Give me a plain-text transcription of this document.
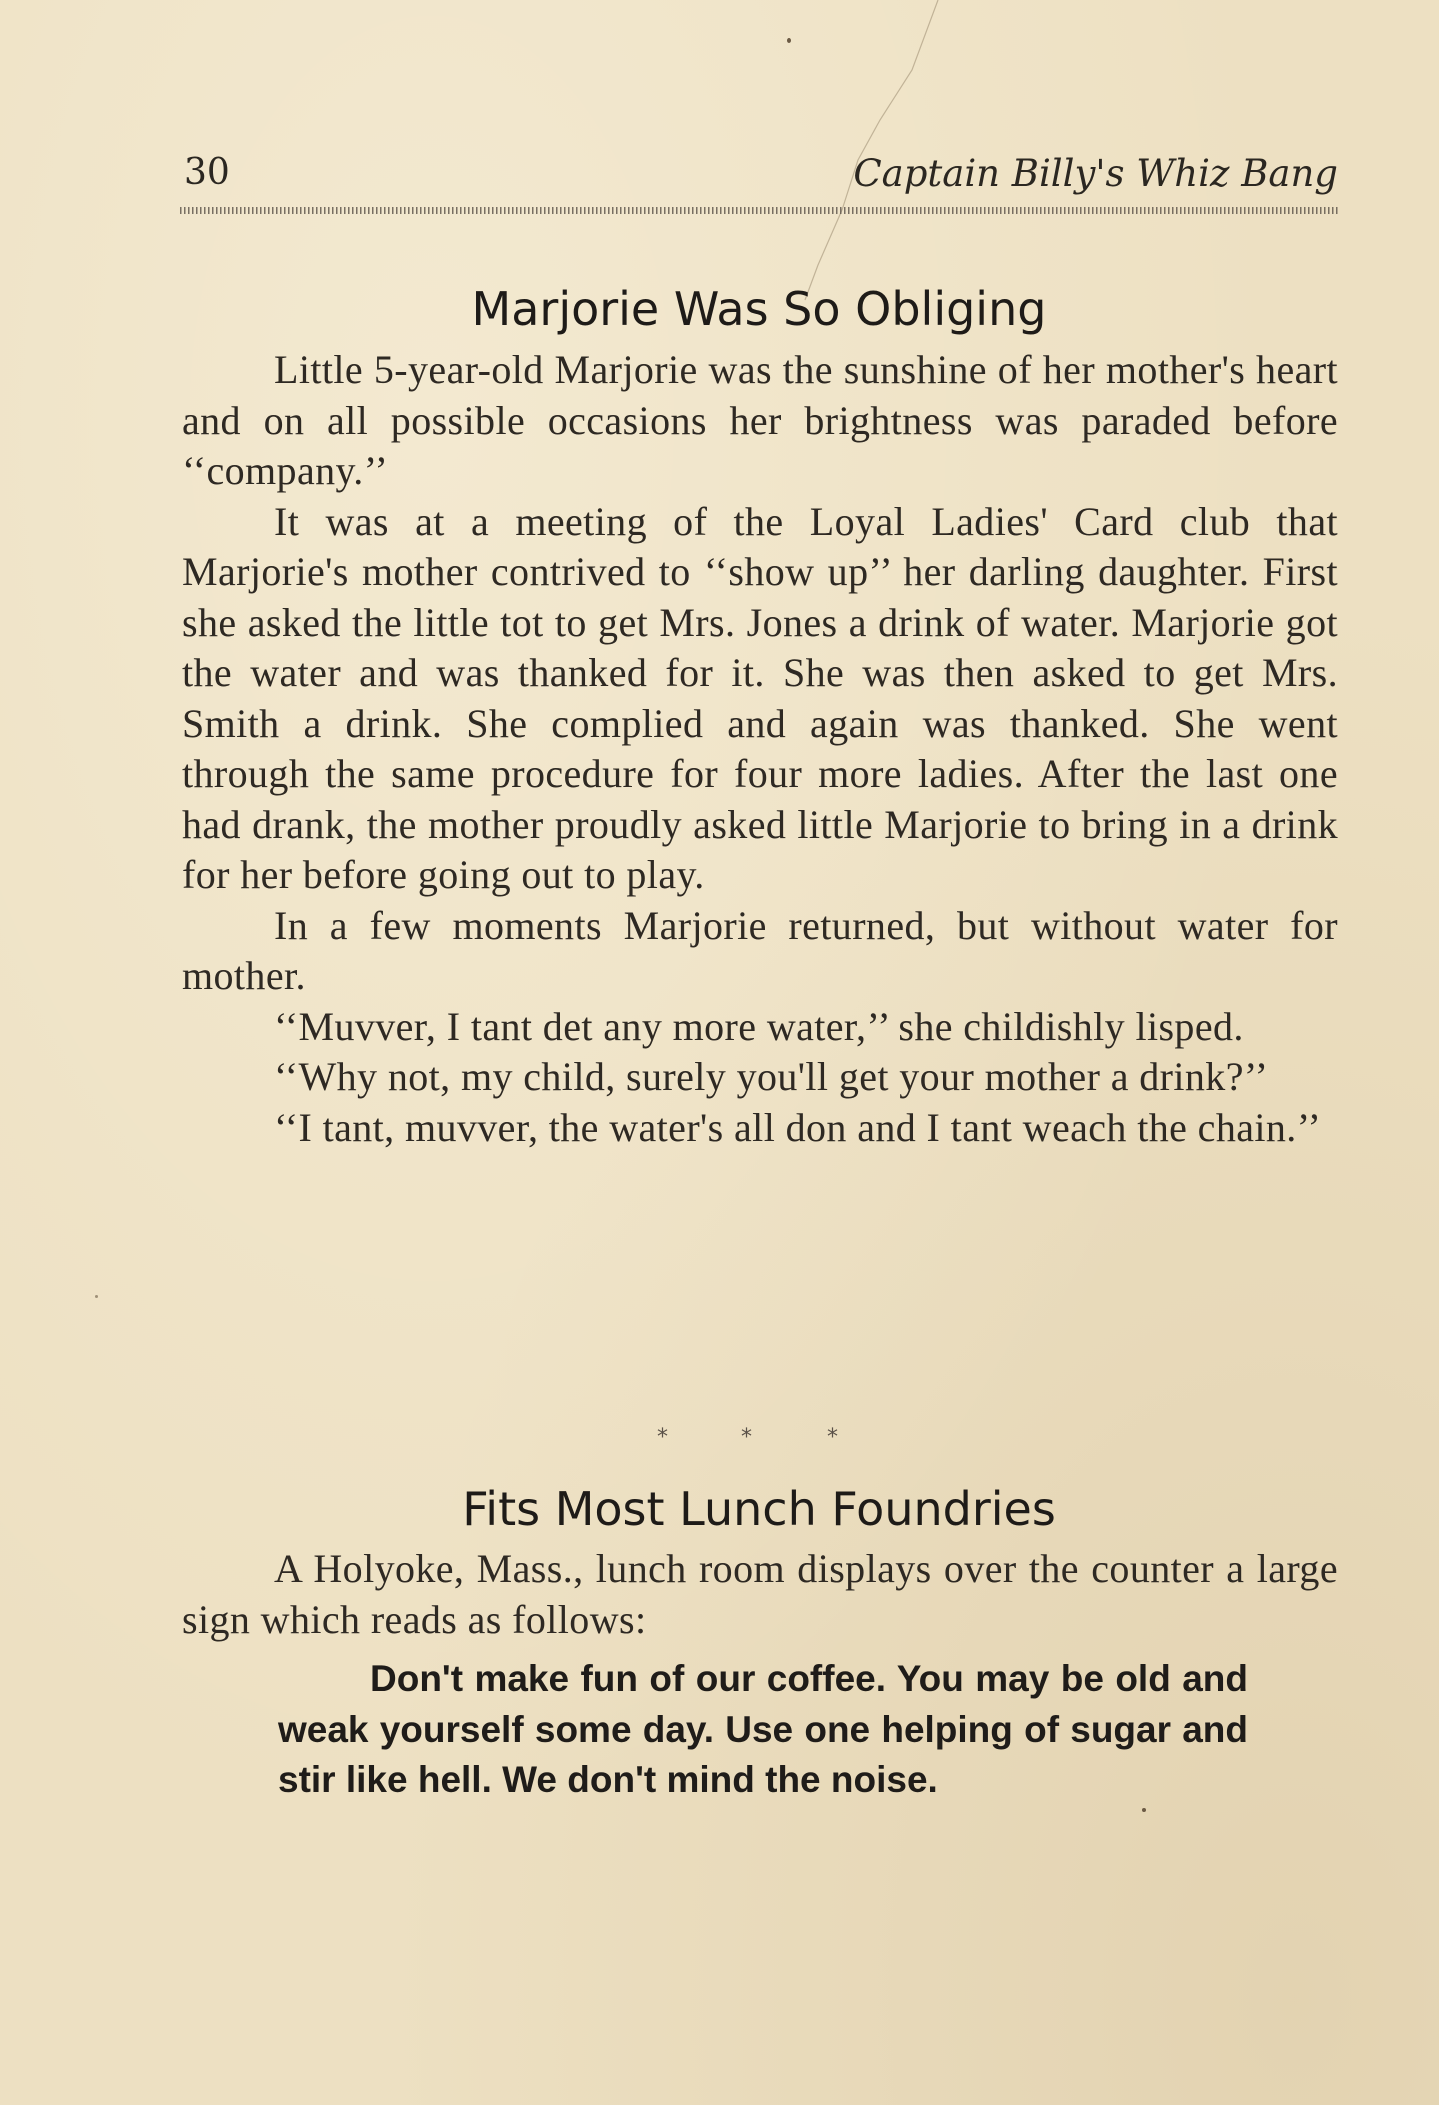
30	Captain Billy's Whiz Bang
Marjorie Was So Obliging

Little 5-year-old Marjorie was the sunshine of her mother's heart and on all possible occasions her brightness was paraded before ‘‘company.’’

It was at a meeting of the Loyal Ladies' Card club that Marjorie's mother contrived to ‘‘show up’’ her darling daughter. First she asked the little tot to get Mrs. Jones a drink of water. Marjorie got the water and was thanked for it. She was then asked to get Mrs. Smith a drink. She complied and again was thanked. She went through the same procedure for four more ladies. After the last one had drank, the mother proudly asked little Marjorie to bring in a drink for her before going out to play.

In a few moments Marjorie returned, but without water for mother.

‘‘Muvver, I tant det any more water,’’ she childishly lisped.

‘‘Why not, my child, surely you'll get your mother a drink?’’

‘‘I tant, muvver, the water's all don and I tant weach the chain.’’

*	*	*
Fits Most Lunch Foundries

A Holyoke, Mass., lunch room displays over the counter a large sign which reads as follows:

Don't make fun of our coffee. You may be old and weak yourself some day. Use one helping of sugar and stir like hell. We don't mind the noise.
